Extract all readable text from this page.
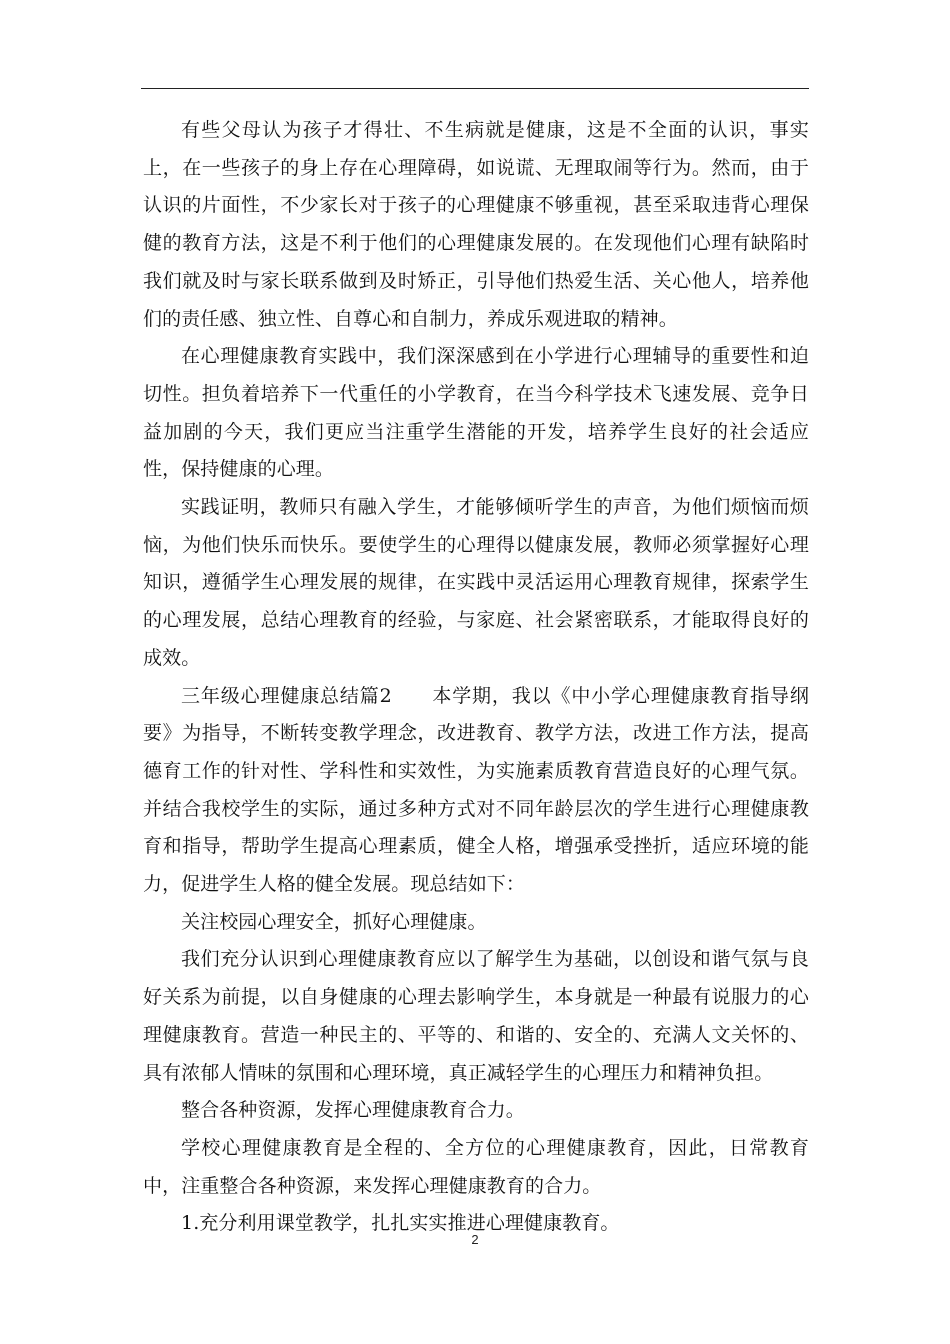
有些父母认为孩子才得壮、不生病就是健康，这是不全面的认识，事实上，在一些孩子的身上存在心理障碍，如说谎、无理取闹等行为。然而，由于认识的片面性，不少家长对于孩子的心理健康不够重视，甚至采取违背心理保健的教育方法，这是不利于他们的心理健康发展的。在发现他们心理有缺陷时我们就及时与家长联系做到及时矫正，引导他们热爱生活、关心他人，培养他们的责任感、独立性、自尊心和自制力，养成乐观进取的精神。

在心理健康教育实践中，我们深深感到在小学进行心理辅导的重要性和迫切性。担负着培养下一代重任的小学教育，在当今科学技术飞速发展、竞争日益加剧的今天，我们更应当注重学生潜能的开发，培养学生良好的社会适应性，保持健康的心理。

实践证明，教师只有融入学生，才能够倾听学生的声音，为他们烦恼而烦恼，为他们快乐而快乐。要使学生的心理得以健康发展，教师必须掌握好心理知识，遵循学生心理发展的规律，在实践中灵活运用心理教育规律，探索学生的心理发展，总结心理教育的经验，与家庭、社会紧密联系，才能取得良好的成效。

三年级心理健康总结篇2　　本学期，我以《中小学心理健康教育指导纲要》为指导，不断转变教学理念，改进教育、教学方法，改进工作方法，提高德育工作的针对性、学科性和实效性，为实施素质教育营造良好的心理气氛。并结合我校学生的实际，通过多种方式对不同年龄层次的学生进行心理健康教育和指导，帮助学生提高心理素质，健全人格，增强承受挫折，适应环境的能力，促进学生人格的健全发展。现总结如下：

关注校园心理安全，抓好心理健康。

我们充分认识到心理健康教育应以了解学生为基础，以创设和谐气氛与良好关系为前提，以自身健康的心理去影响学生，本身就是一种最有说服力的心理健康教育。营造一种民主的、平等的、和谐的、安全的、充满人文关怀的、具有浓郁人情味的氛围和心理环境，真正减轻学生的心理压力和精神负担。

整合各种资源，发挥心理健康教育合力。

学校心理健康教育是全程的、全方位的心理健康教育，因此，日常教育中，注重整合各种资源，来发挥心理健康教育的合力。

1.充分利用课堂教学，扎扎实实推进心理健康教育。

2
